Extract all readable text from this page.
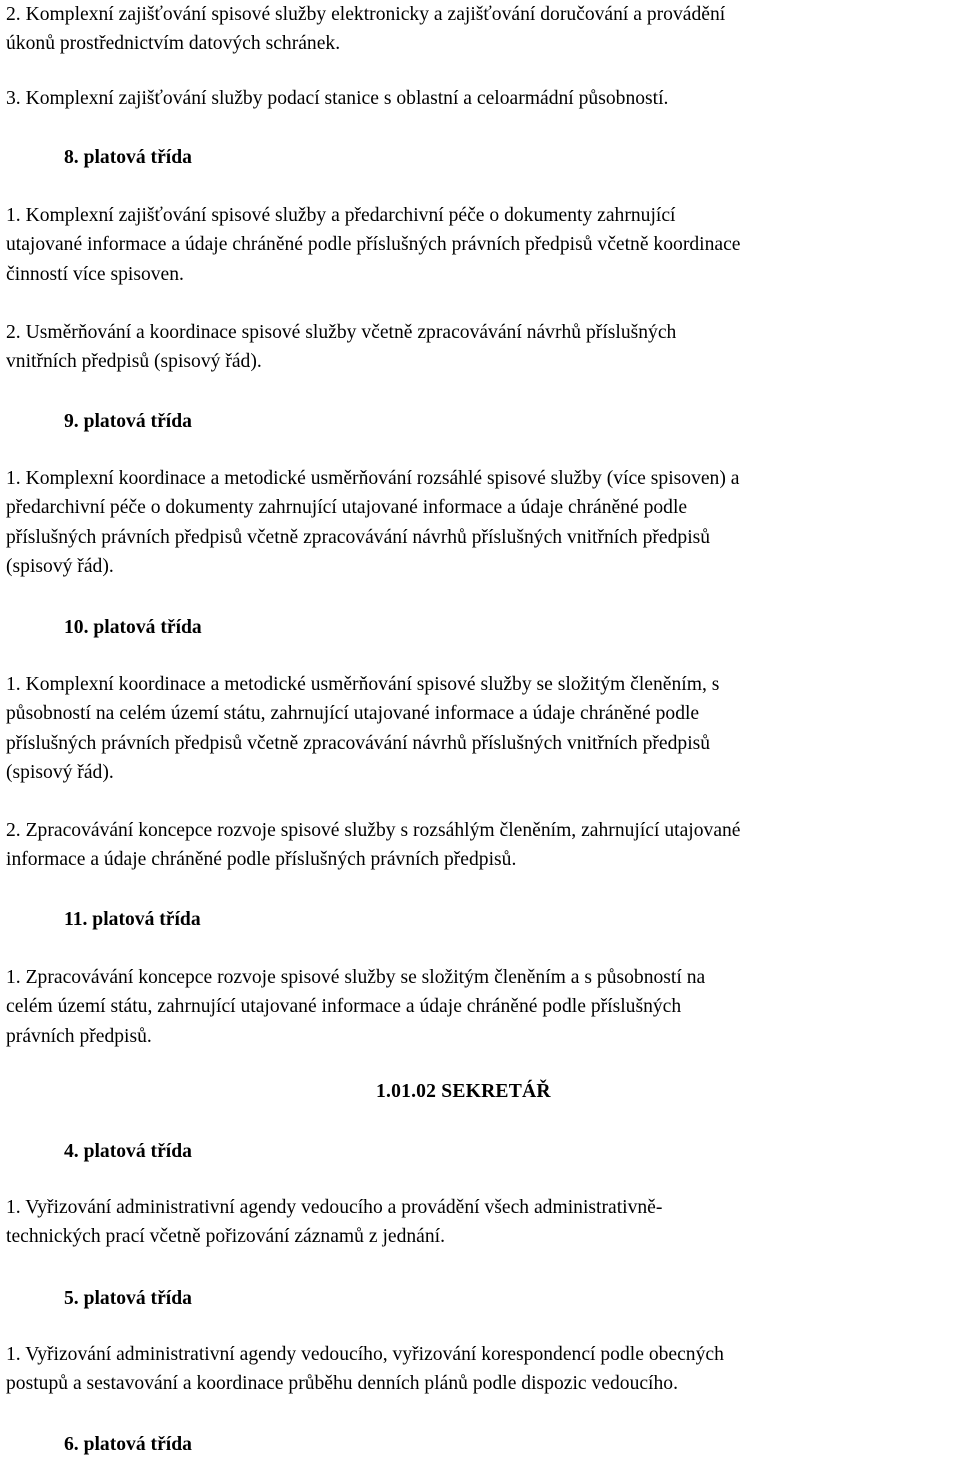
2. Komplexní zajišťování spisové služby elektronicky a zajišťování doručování a provádění
úkonů prostřednictvím datových schránek.
3. Komplexní zajišťování služby podací stanice s oblastní a celoarmádní působností.
8. platová třída
1. Komplexní zajišťování spisové služby a předarchivní péče o dokumenty zahrnující
utajované informace a údaje chráněné podle příslušných právních předpisů včetně koordinace
činností více spisoven.
2. Usměrňování a koordinace spisové služby včetně zpracovávání návrhů příslušných
vnitřních předpisů (spisový řád).
9. platová třída
1. Komplexní koordinace a metodické usměrňování rozsáhlé spisové služby (více spisoven) a
předarchivní péče o dokumenty zahrnující utajované informace a údaje chráněné podle
příslušných právních předpisů včetně zpracovávání návrhů příslušných vnitřních předpisů
(spisový řád).
10. platová třída
1. Komplexní koordinace a metodické usměrňování spisové služby se složitým členěním, s
působností na celém území státu, zahrnující utajované informace a údaje chráněné podle
příslušných právních předpisů včetně zpracovávání návrhů příslušných vnitřních předpisů
(spisový řád).
2. Zpracovávání koncepce rozvoje spisové služby s rozsáhlým členěním, zahrnující utajované
informace a údaje chráněné podle příslušných právních předpisů.
11. platová třída
1. Zpracovávání koncepce rozvoje spisové služby se složitým členěním a s působností na
celém území státu, zahrnující utajované informace a údaje chráněné podle příslušných
právních předpisů.
1.01.02 SEKRETÁŘ
4. platová třída
1. Vyřizování administrativní agendy vedoucího a provádění všech administrativně-
technických prací včetně pořizování záznamů z jednání.
5. platová třída
1. Vyřizování administrativní agendy vedoucího, vyřizování korespondencí podle obecných
postupů a sestavování a koordinace průběhu denních plánů podle dispozic vedoucího.
6. platová třída
